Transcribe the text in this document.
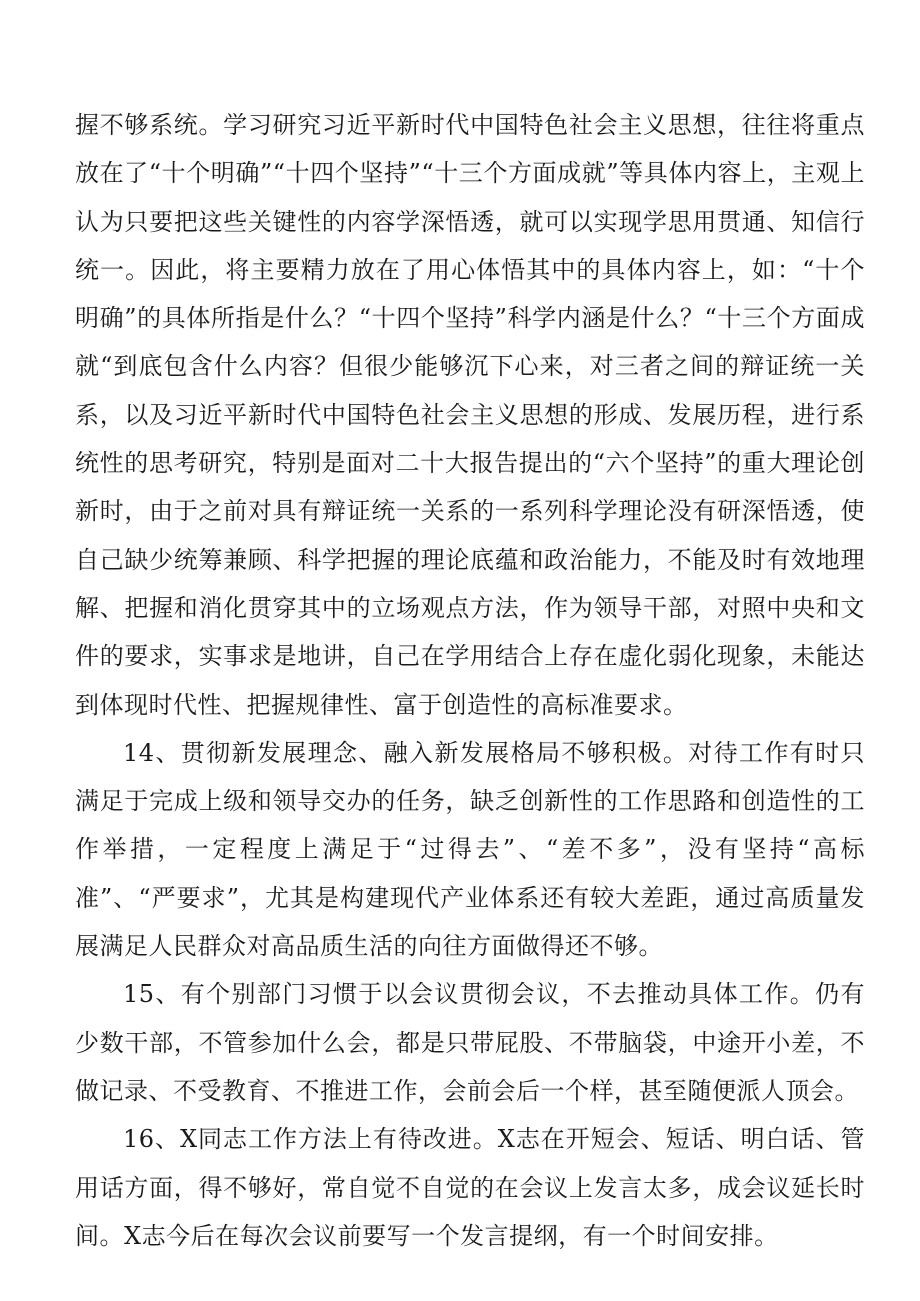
握不够系统。学习研究习近平新时代中国特色社会主义思想，往往将重点放在了“十个明确”“十四个坚持”“十三个方面成就”等具体内容上，主观上认为只要把这些关键性的内容学深悟透，就可以实现学思用贯通、知信行统一。因此，将主要精力放在了用心体悟其中的具体内容上，如：“十个明确”的具体所指是什么？“十四个坚持”科学内涵是什么？“十三个方面成就“到底包含什么内容？但很少能够沉下心来，对三者之间的辩证统一关系，以及习近平新时代中国特色社会主义思想的形成、发展历程，进行系统性的思考研究，特别是面对二十大报告提出的“六个坚持”的重大理论创新时，由于之前对具有辩证统一关系的一系列科学理论没有研深悟透，使自己缺少统筹兼顾、科学把握的理论底蕴和政治能力，不能及时有效地理解、把握和消化贯穿其中的立场观点方法，作为领导干部，对照中央和文件的要求，实事求是地讲，自己在学用结合上存在虚化弱化现象，未能达到体现时代性、把握规律性、富于创造性的高标准要求。

14、贯彻新发展理念、融入新发展格局不够积极。对待工作有时只满足于完成上级和领导交办的任务，缺乏创新性的工作思路和创造性的工作举措，一定程度上满足于“过得去”、“差不多”，没有坚持“高标准”、“严要求”，尤其是构建现代产业体系还有较大差距，通过高质量发展满足人民群众对高品质生活的向往方面做得还不够。

15、有个别部门习惯于以会议贯彻会议，不去推动具体工作。仍有少数干部，不管参加什么会，都是只带屁股、不带脑袋，中途开小差，不做记录、不受教育、不推进工作，会前会后一个样，甚至随便派人顶会。

16、X同志工作方法上有待改进。X志在开短会、短话、明白话、管用话方面，得不够好，常自觉不自觉的在会议上发言太多，成会议延长时间。X志今后在每次会议前要写一个发言提纲，有一个时间安排。
